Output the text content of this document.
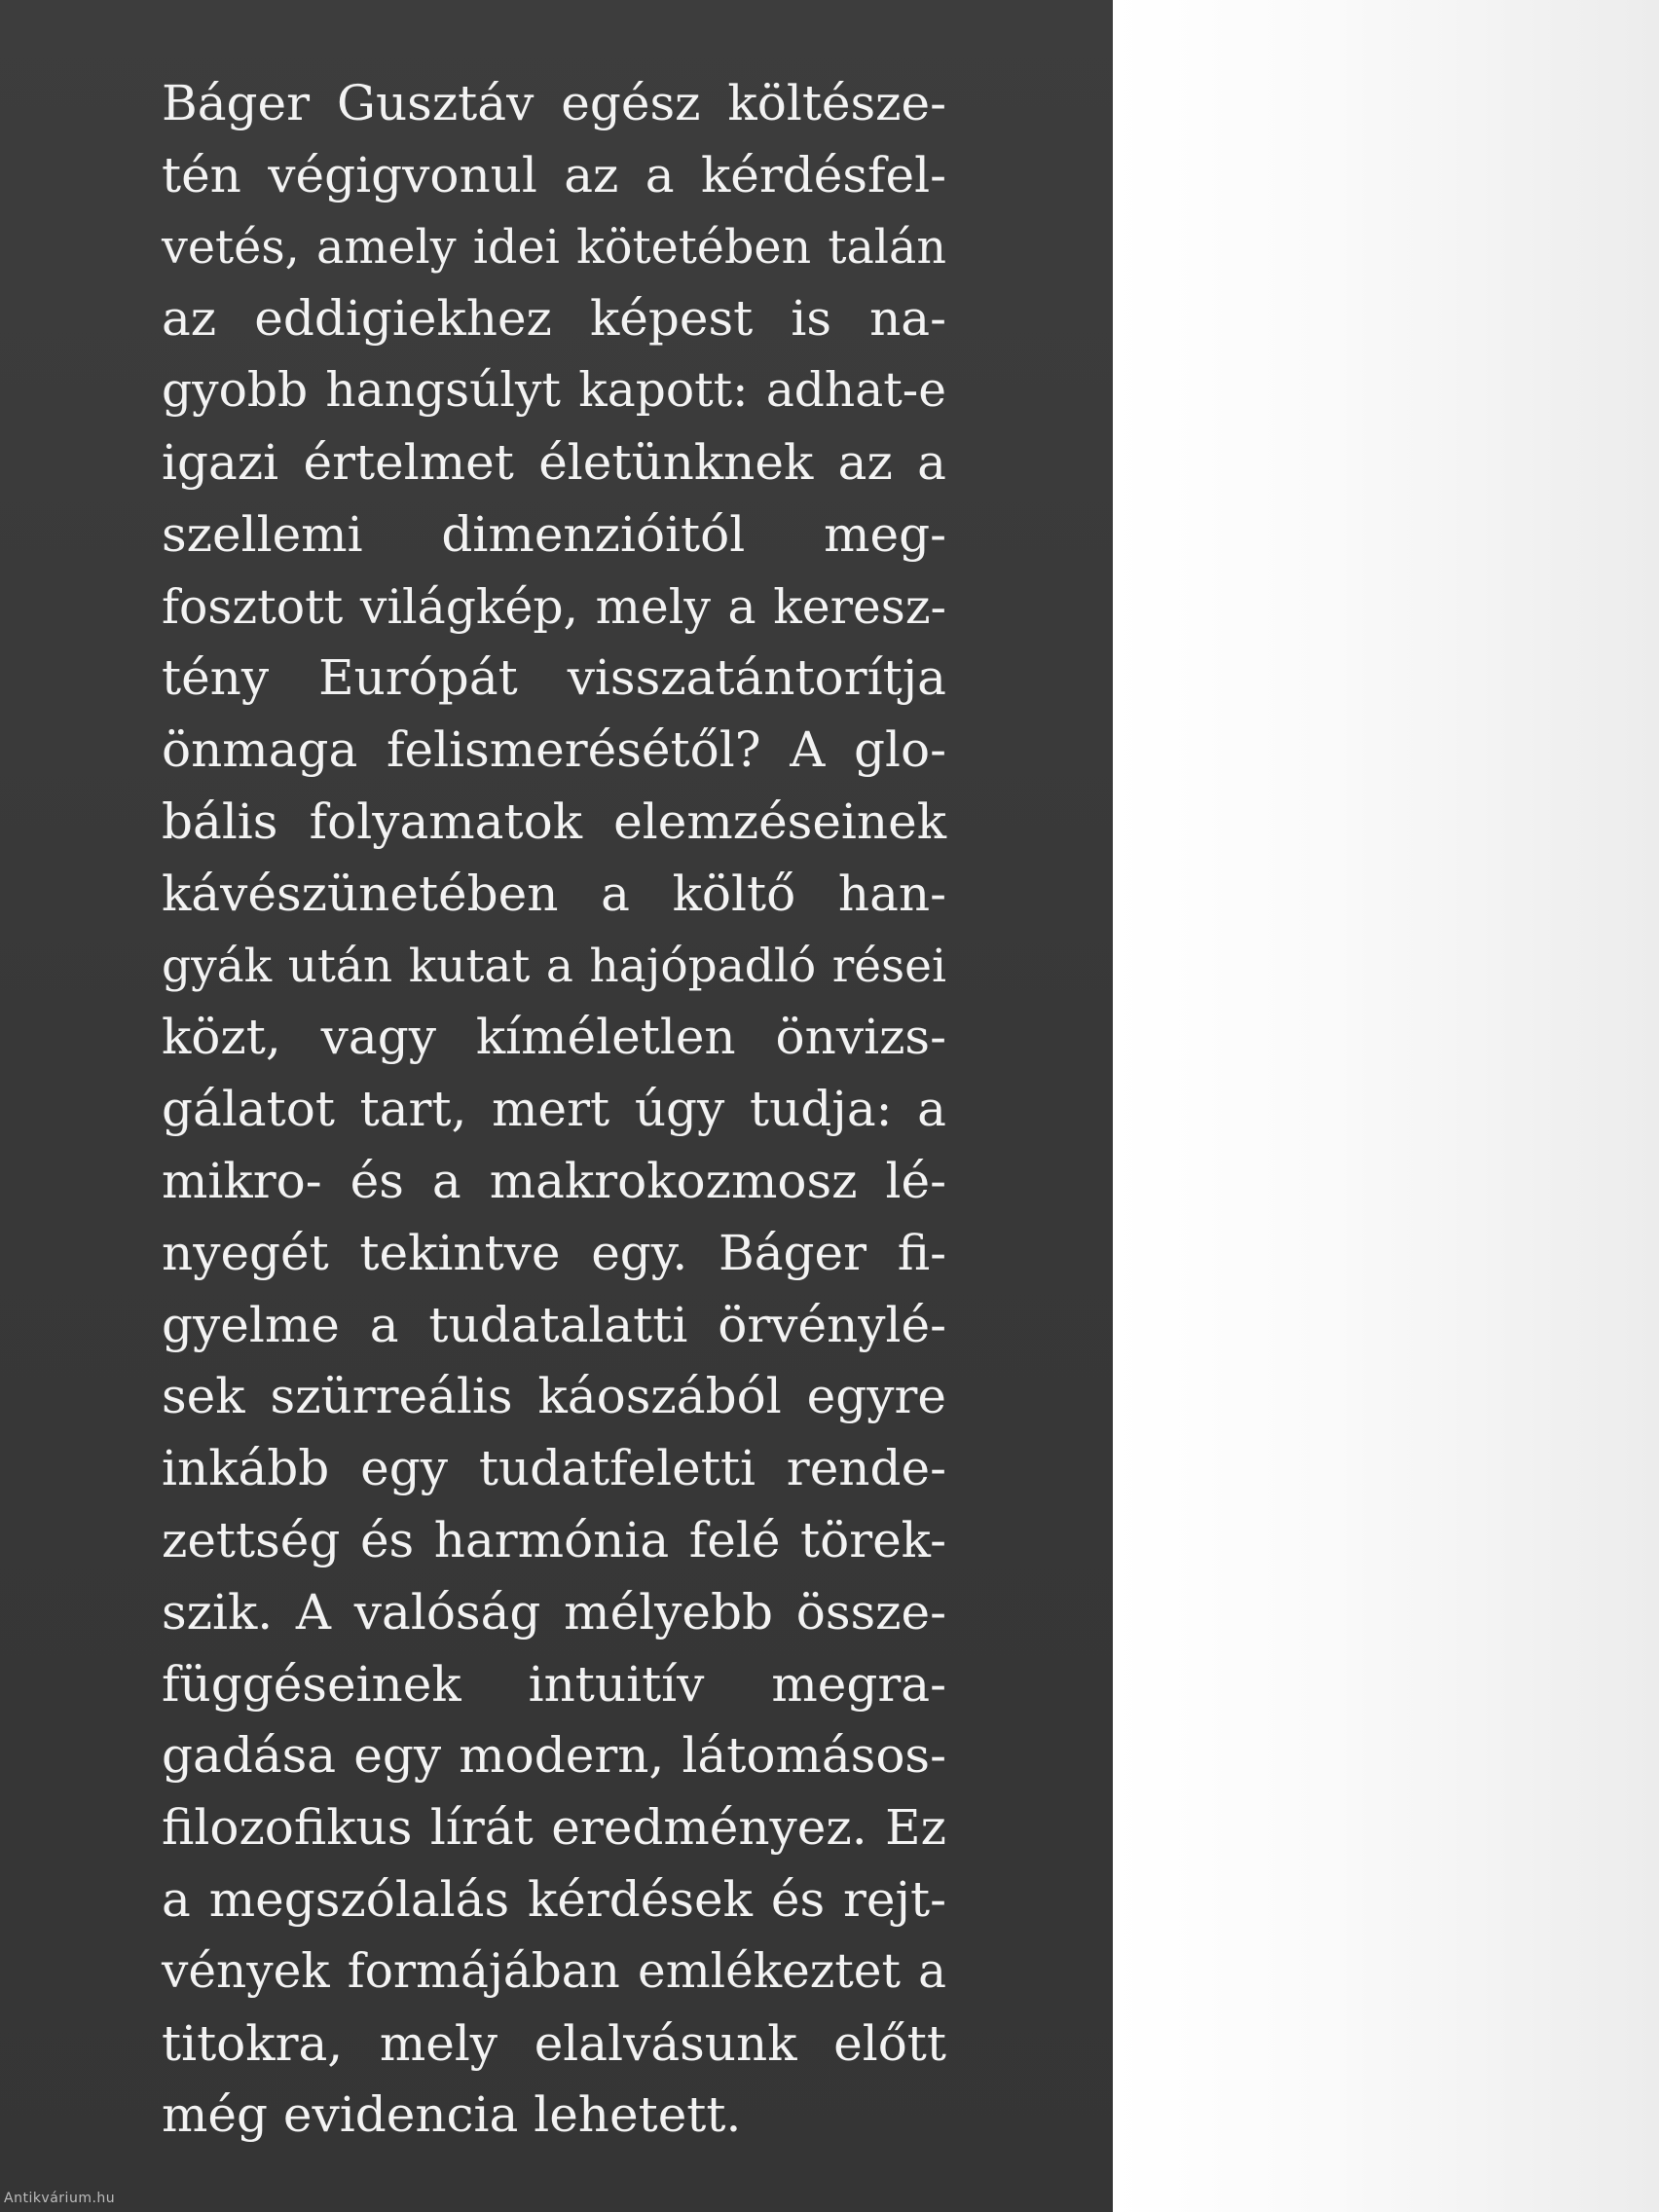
Báger Gusztáv egész költésze-
tén végigvonul az a kérdésfel-
vetés, amely idei kötetében talán
az eddigiekhez képest is na-
gyobb hangsúlyt kapott: adhat-e
igazi értelmet életünknek az a
szellemi dimenzióitól meg-
fosztott világkép, mely a keresz-
tény Európát visszatántorítja
önmaga felismerésétől? A glo-
bális folyamatok elemzéseinek
kávészünetében a költő han-
gyák után kutat a hajópadló rései
közt, vagy kíméletlen önvizs-
gálatot tart, mert úgy tudja: a
mikro- és a makrokozmosz lé-
nyegét tekintve egy. Báger fi-
gyelme a tudatalatti örvénylé-
sek szürreális káoszából egyre
inkább egy tudatfeletti rende-
zettség és harmónia felé törek-
szik. A valóság mélyebb össze-
függéseinek intuitív megra-
gadása egy modern, látomásos-
filozofikus lírát eredményez. Ez
a megszólalás kérdések és rejt-
vények formájában emlékeztet a
titokra, mely elalvásunk előtt
még evidencia lehetett.
Antikvárium.hu
